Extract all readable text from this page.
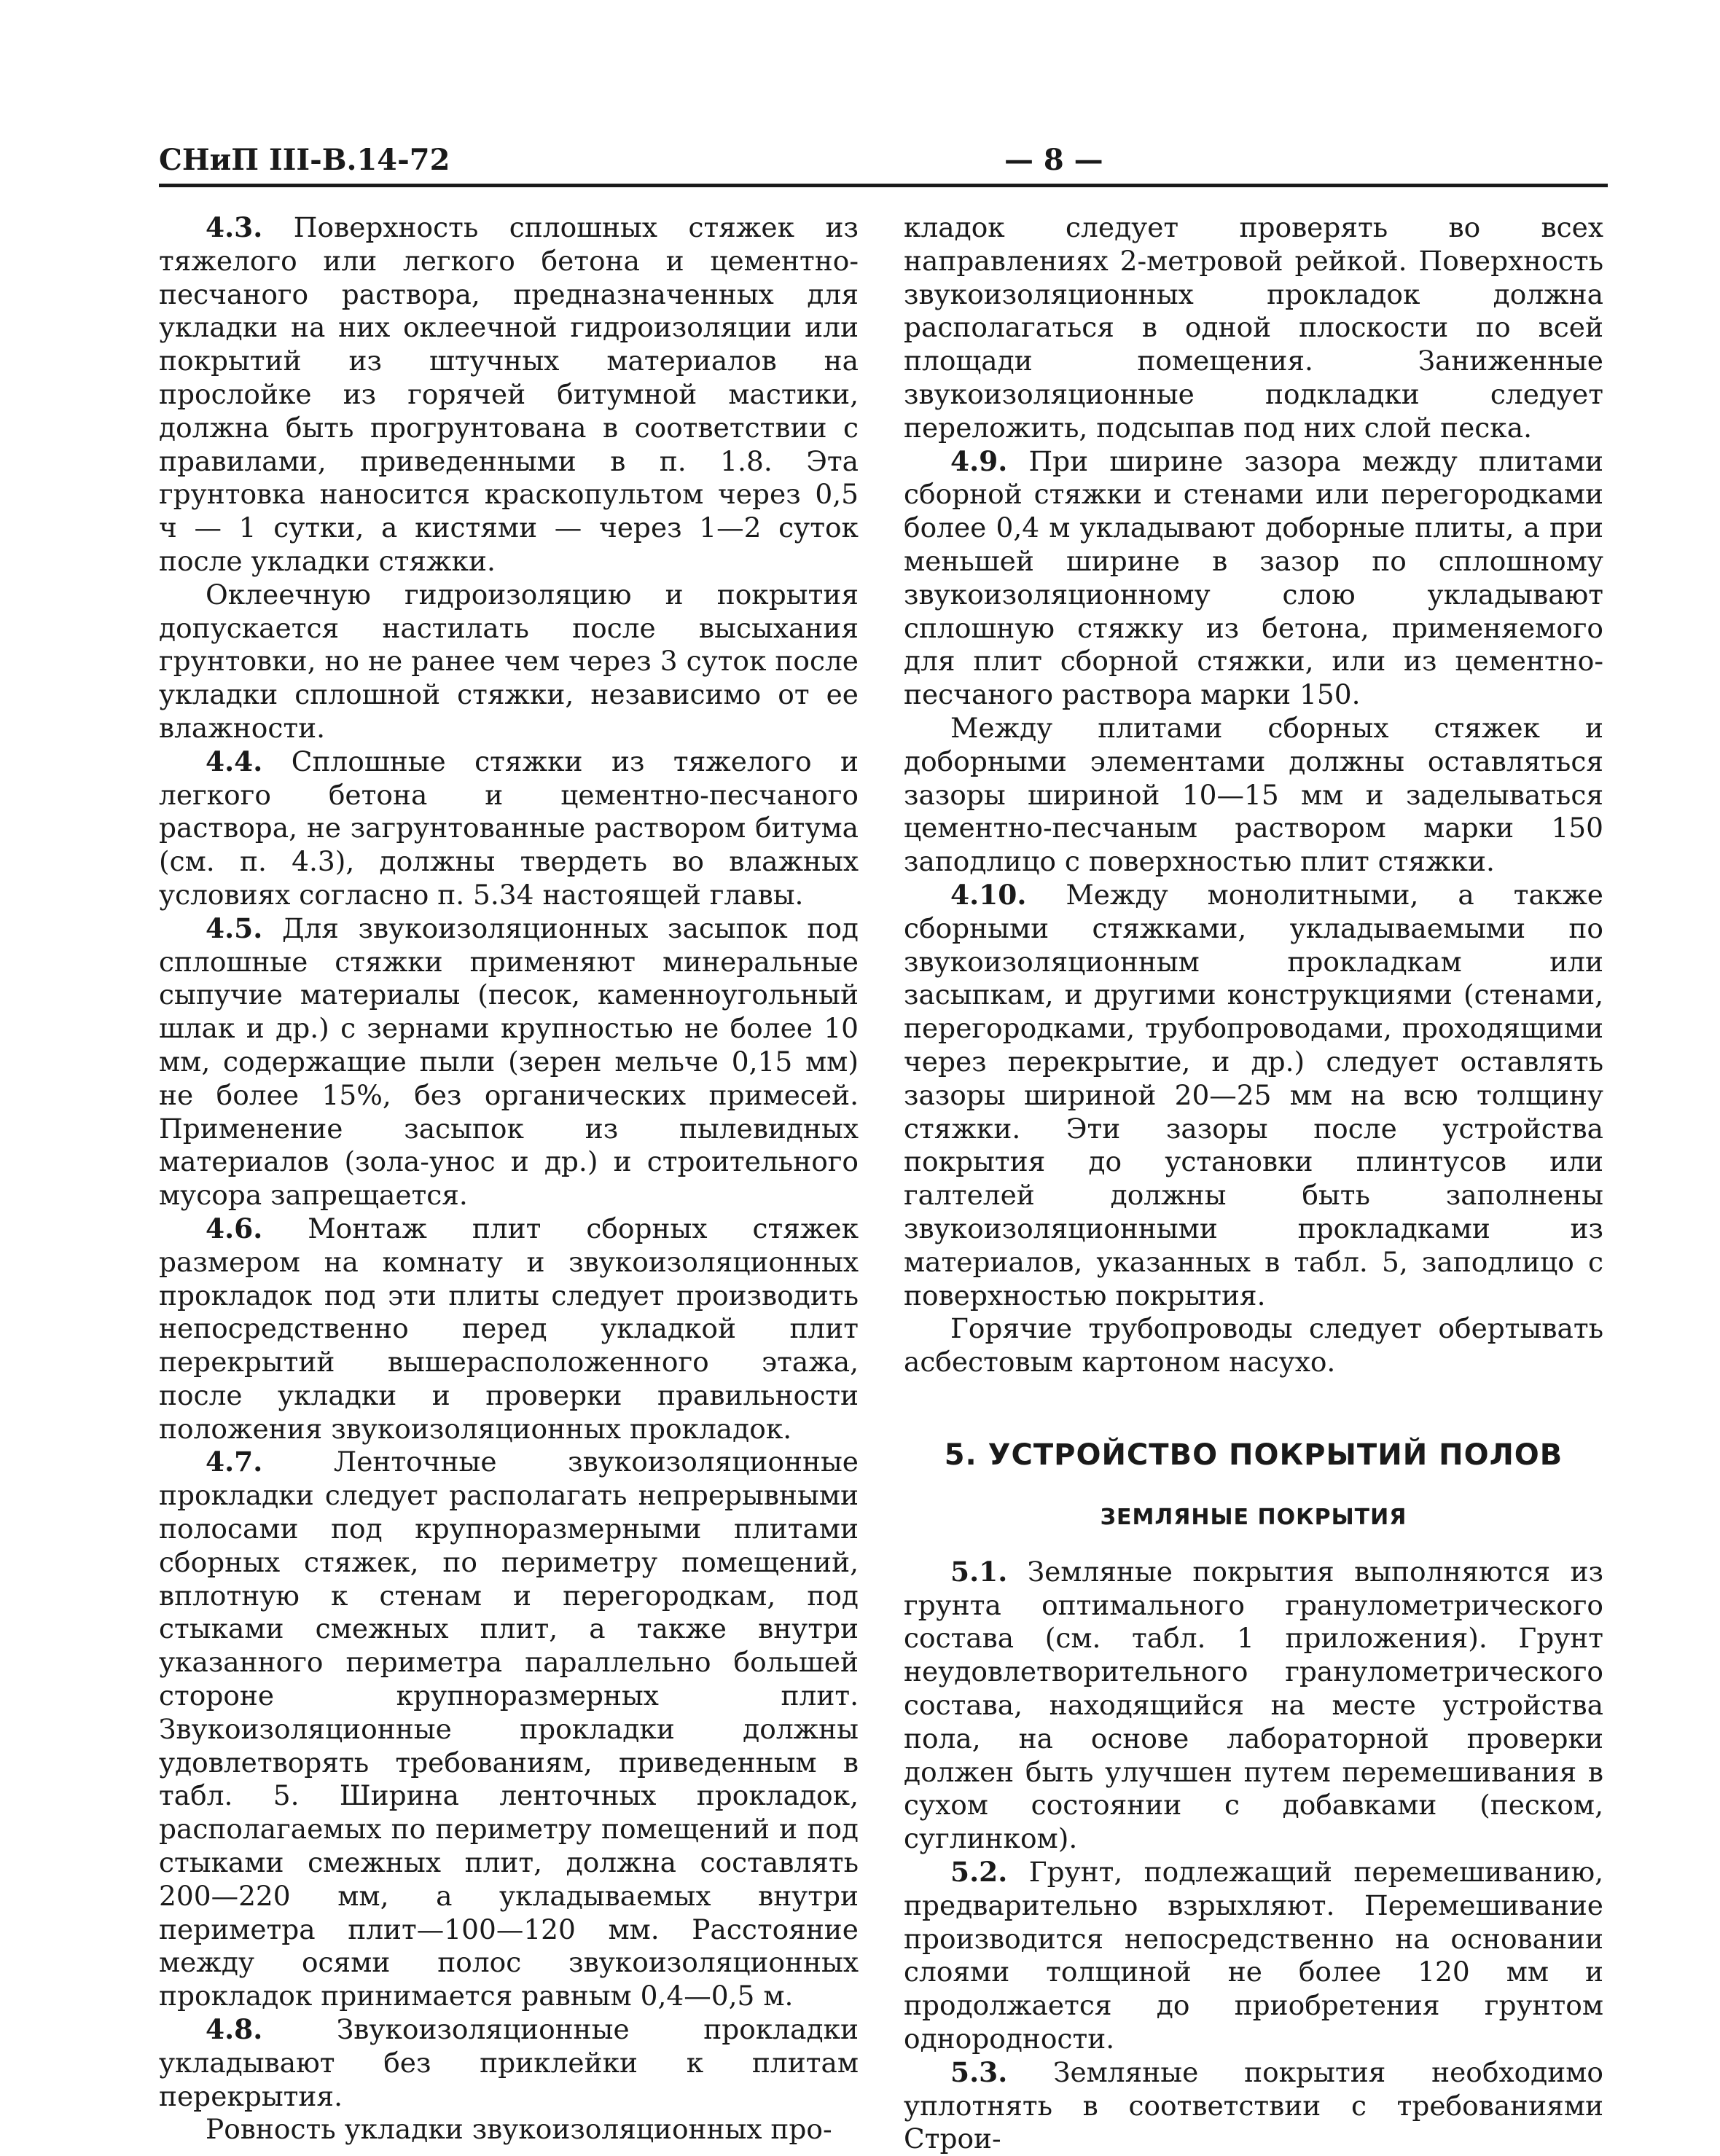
СНиП III-В.14-72	— 8 —

4.3. Поверхность сплошных стяжек из тяжелого или легкого бетона и цементно-песчаного раствора, предназначенных для укладки на них оклеечной гидроизоляции или покрытий из штучных материалов на прослойке из горячей битумной мастики, должна быть прогрунтована в соответствии с правилами, приведенными в п. 1.8. Эта грунтовка наносится краскопультом через 0,5 ч — 1 сутки, а кистями — через 1—2 суток после укладки стяжки.

Оклеечную гидроизоляцию и покрытия допускается настилать после высыхания грунтовки, но не ранее чем через 3 суток после укладки сплошной стяжки, независимо от ее влажности.

4.4. Сплошные стяжки из тяжелого и легкого бетона и цементно-песчаного раствора, не загрунтованные раствором битума (см. п. 4.3), должны твердеть во влажных условиях согласно п. 5.34 настоящей главы.

4.5. Для звукоизоляционных засыпок под сплошные стяжки применяют минеральные сыпучие материалы (песок, каменноугольный шлак и др.) с зернами крупностью не более 10 мм, содержащие пыли (зерен мельче 0,15 мм) не более 15%, без органических примесей. Применение засыпок из пылевидных материалов (зола-унос и др.) и строительного мусора запрещается.

4.6. Монтаж плит сборных стяжек размером на комнату и звукоизоляционных прокладок под эти плиты следует производить непосредственно перед укладкой плит перекрытий вышерасположенного этажа, после укладки и проверки правильности положения звукоизоляционных прокладок.

4.7.	Ленточные звукоизоляционные прокладки следует располагать непрерывными полосами под крупноразмерными плитами сборных стяжек, по периметру помещений, вплотную к стенам и перегородкам, под стыками смежных плит, а также внутри указанного периметра параллельно большей стороне крупноразмерных плит. Звукоизоляционные прокладки должны удовлетворять требованиям, приведенным в табл. 5. Ширина ленточных прокладок, располагаемых по периметру помещений и под стыками смежных плит, должна составлять 200—220 мм, а укладываемых внутри периметра плит—100—120 мм. Расстояние между осями полос звукоизоляционных прокладок принимается равным 0,4—0,5 м.

4.8.	Звукоизоляционные прокладки укладывают без приклейки к плитам перекрытия.

Ровность укладки звукоизоляционных про-

кладок следует проверять во всех направлениях 2-метровой рейкой. Поверхность звукоизоляционных прокладок должна располагаться в одной плоскости по всей площади помещения. Заниженные звукоизоляционные подкладки следует переложить, подсыпав под них слой песка.

4.9. При ширине зазора между плитами сборной стяжки и стенами или перегородками более 0,4 м укладывают доборные плиты, а при меньшей ширине в зазор по сплошному звукоизоляционному слою укладывают сплошную стяжку из бетона, применяемого для плит сборной стяжки, или из цементно-песчаного раствора марки 150.

Между плитами сборных стяжек и доборными элементами должны оставляться зазоры шириной 10—15 мм и заделываться цементно-песчаным раствором марки 150 заподлицо с поверхностью плит стяжки.

4.10. Между монолитными, а также сборными стяжками, укладываемыми по звукоизоляционным прокладкам или засыпкам, и другими конструкциями (стенами, перегородками, трубопроводами, проходящими через перекрытие, и др.) следует оставлять зазоры шириной 20—25 мм на всю толщину стяжки. Эти зазоры после устройства покрытия до установки плинтусов или галтелей должны быть заполнены звукоизоляционными прокладками из материалов, указанных в табл. 5, заподлицо с поверхностью покрытия.

Горячие трубопроводы следует обертывать асбестовым картоном насухо.

5. УСТРОЙСТВО ПОКРЫТИЙ ПОЛОВ
ЗЕМЛЯНЫЕ ПОКРЫТИЯ

5.1. Земляные покрытия выполняются из грунта оптимального гранулометрического состава (см. табл. 1 приложения). Грунт неудовлетворительного гранулометрического состава, находящийся на месте устройства пола, на основе лабораторной проверки должен быть улучшен путем перемешивания в сухом состоянии с добавками (песком, суглинком).

5.2. Грунт, подлежащий перемешиванию, предварительно взрыхляют. Перемешивание производится непосредственно на основании слоями толщиной не более 120 мм и продолжается до приобретения грунтом однородности.

5.3. Земляные покрытия необходимо уплотнять в соответствии с требованиями Строи-
